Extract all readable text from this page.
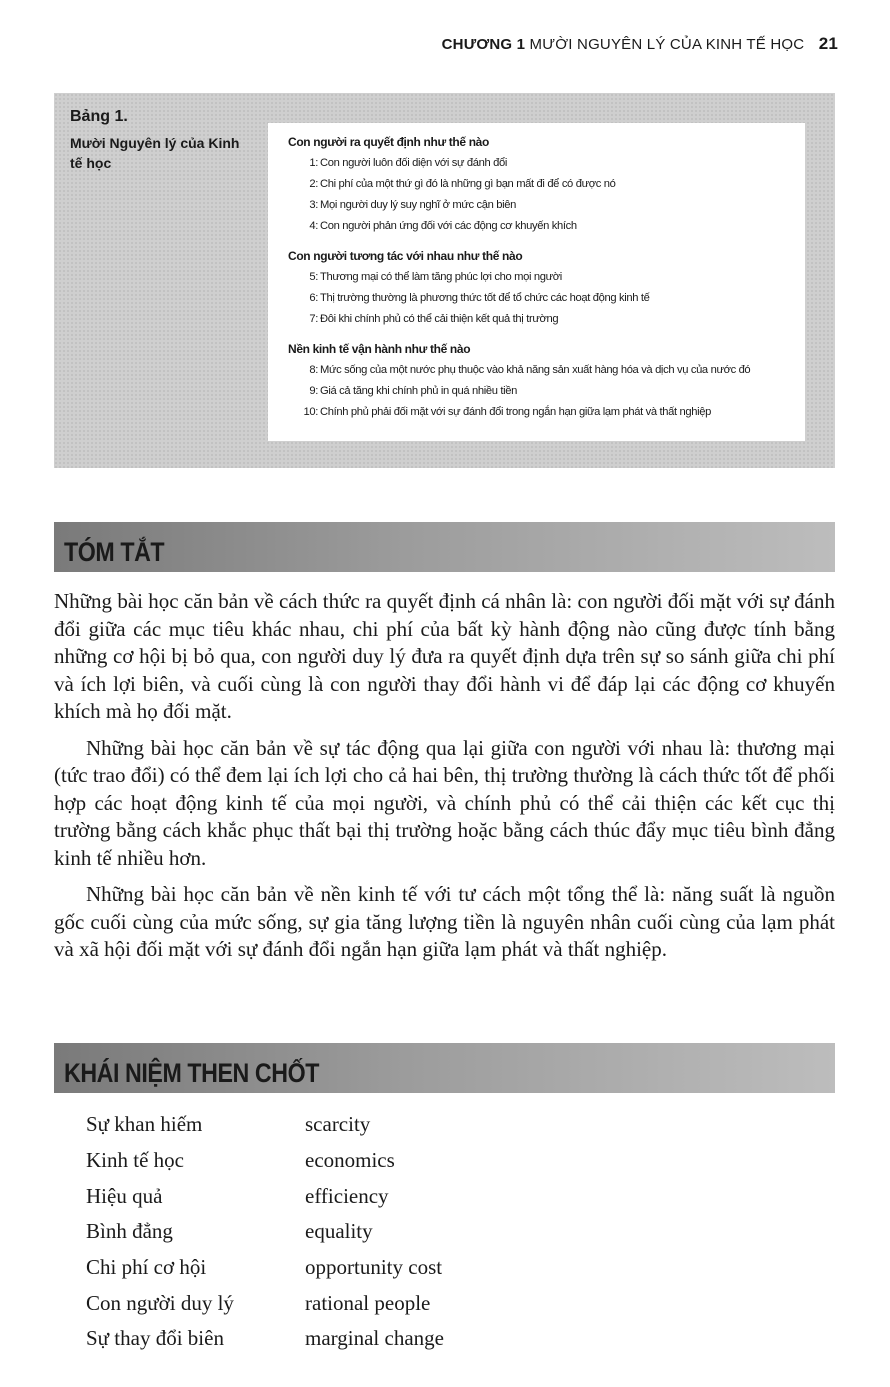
CHƯƠNG 1 MƯỜI NGUYÊN LÝ CỦA KINH TẾ HỌC 21
Bảng 1.
Mười Nguyên lý của Kinh tế học
Con người ra quyết định như thế nào
1: Con người luôn đối diện với sự đánh đổi
2: Chi phí của một thứ gì đó là những gì bạn mất đi để có được nó
3: Mọi người duy lý suy nghĩ ở mức cận biên
4: Con người phản ứng đối với các động cơ khuyến khích
Con người tương tác với nhau như thế nào
5: Thương mại có thể làm tăng phúc lợi cho mọi người
6: Thị trường thường là phương thức tốt để tổ chức các hoạt động kinh tế
7: Đôi khi chính phủ có thể cải thiện kết quả thị trường
Nền kinh tế vận hành như thế nào
8: Mức sống của một nước phụ thuộc vào khả năng sản xuất hàng hóa và dịch vụ của nước đó
9: Giá cả tăng khi chính phủ in quá nhiều tiền
10: Chính phủ phải đối mặt với sự đánh đổi trong ngắn hạn giữa lạm phát và thất nghiệp
TÓM TẮT

Những bài học căn bản về cách thức ra quyết định cá nhân là: con người đối mặt với sự đánh đổi giữa các mục tiêu khác nhau, chi phí của bất kỳ hành động nào cũng được tính bằng những cơ hội bị bỏ qua, con người duy lý đưa ra quyết định dựa trên sự so sánh giữa chi phí và ích lợi biên, và cuối cùng là con người thay đổi hành vi để đáp lại các động cơ khuyến khích mà họ đối mặt.

Những bài học căn bản về sự tác động qua lại giữa con người với nhau là: thương mại (tức trao đổi) có thể đem lại ích lợi cho cả hai bên, thị trường thường là cách thức tốt để phối hợp các hoạt động kinh tế của mọi người, và chính phủ có thể cải thiện các kết cục thị trường bằng cách khắc phục thất bại thị trường hoặc bằng cách thúc đẩy mục tiêu bình đẳng kinh tế nhiều hơn.

Những bài học căn bản về nền kinh tế với tư cách một tổng thể là: năng suất là nguồn gốc cuối cùng của mức sống, sự gia tăng lượng tiền là nguyên nhân cuối cùng của lạm phát và xã hội đối mặt với sự đánh đổi ngắn hạn giữa lạm phát và thất nghiệp.

KHÁI NIỆM THEN CHỐT
Sự khan hiếm	scarcity
Kinh tế học	economics
Hiệu quả	efficiency
Bình đẳng	equality
Chi phí cơ hội	opportunity cost
Con người duy lý	rational people
Sự thay đổi biên	marginal change
